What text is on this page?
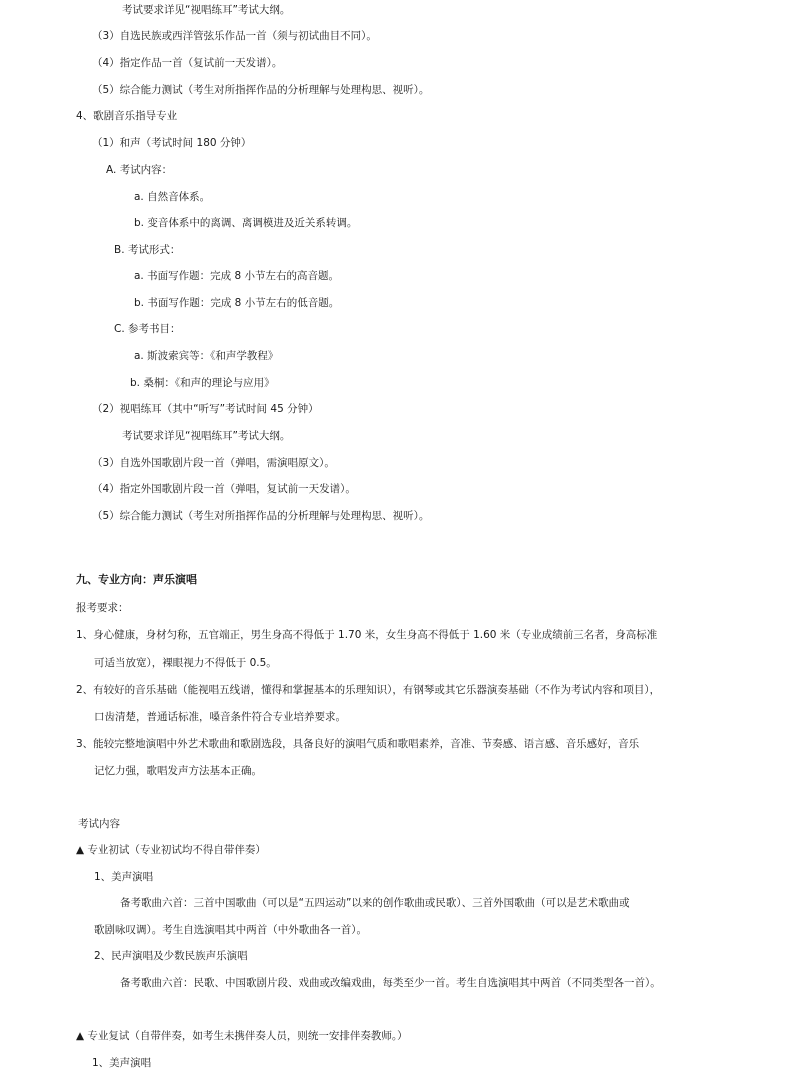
考试要求详见“视唱练耳”考试大纲。
（3）自选民族或西洋管弦乐作品一首（须与初试曲目不同）。
（4）指定作品一首（复试前一天发谱）。
（5）综合能力测试（考生对所指挥作品的分析理解与处理构思、视听）。
4、歌剧音乐指导专业
（1）和声（考试时间 180 分钟）
A. 考试内容：
a. 自然音体系。
b. 变音体系中的离调、离调模进及近关系转调。
B. 考试形式：
a. 书面写作题：完成 8 小节左右的高音题。
b. 书面写作题：完成 8 小节左右的低音题。
C. 参考书目：
a. 斯波索宾等：《和声学教程》
b. 桑桐：《和声的理论与应用》
（2）视唱练耳（其中“听写”考试时间 45 分钟）
考试要求详见“视唱练耳”考试大纲。
（3）自选外国歌剧片段一首（弹唱，需演唱原文）。
（4）指定外国歌剧片段一首（弹唱，复试前一天发谱）。
（5）综合能力测试（考生对所指挥作品的分析理解与处理构思、视听）。
九、专业方向：声乐演唱
报考要求：
1、身心健康，身材匀称，五官端正，男生身高不得低于 1.70 米，女生身高不得低于 1.60 米（专业成绩前三名者，身高标准
可适当放宽），裸眼视力不得低于 0.5。
2、有较好的音乐基础（能视唱五线谱，懂得和掌握基本的乐理知识），有钢琴或其它乐器演奏基础（不作为考试内容和项目），
口齿清楚，普通话标准，嗓音条件符合专业培养要求。
3、能较完整地演唱中外艺术歌曲和歌剧选段，具备良好的演唱气质和歌唱素养，音准、节奏感、语言感、音乐感好，音乐
记忆力强，歌唱发声方法基本正确。
考试内容
▲ 专业初试（专业初试均不得自带伴奏）
1、美声演唱
备考歌曲六首：三首中国歌曲（可以是“五四运动”以来的创作歌曲或民歌）、三首外国歌曲（可以是艺术歌曲或
歌剧咏叹调）。考生自选演唱其中两首（中外歌曲各一首）。
2、民声演唱及少数民族声乐演唱
备考歌曲六首：民歌、中国歌剧片段、戏曲或改编戏曲，每类至少一首。考生自选演唱其中两首（不同类型各一首）。
▲ 专业复试（自带伴奏，如考生未携伴奏人员，则统一安排伴奏教师。）
1、美声演唱
